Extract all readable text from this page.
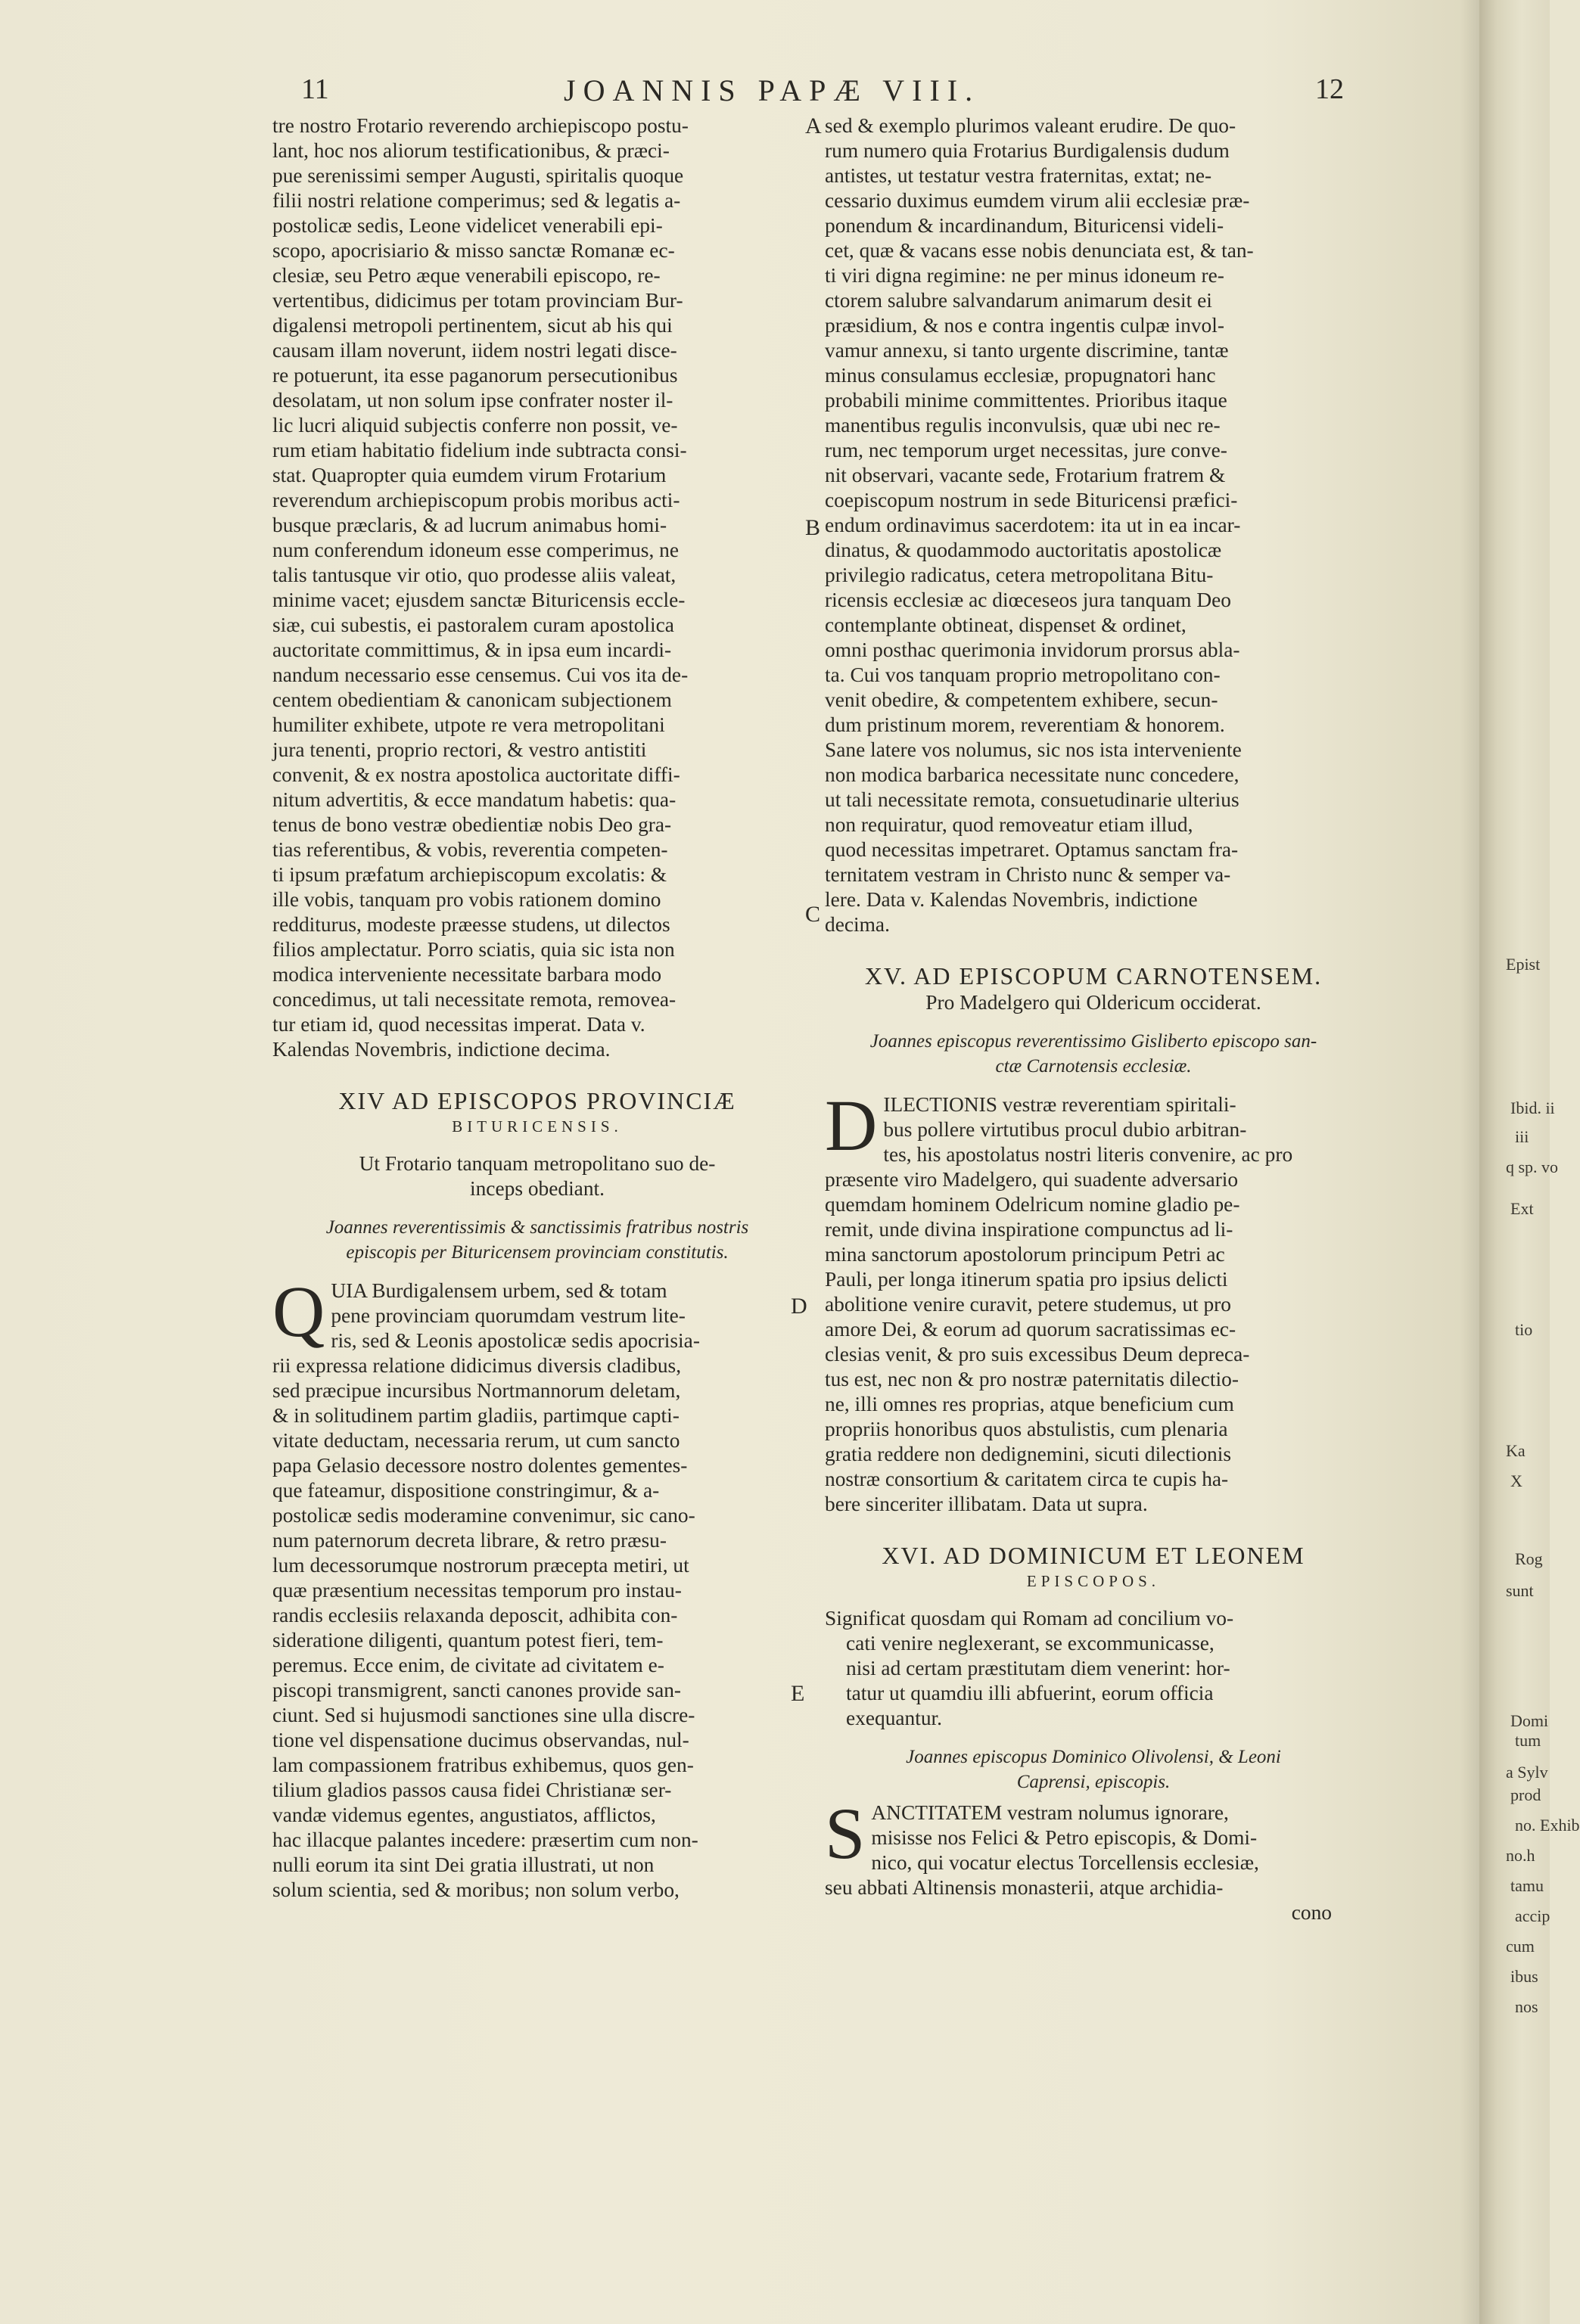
11	JOANNIS PAPÆ VIII.	12
A
B
C
D
E
tre nostro Frotario reverendo archiepiscopo postu-
lant, hoc nos aliorum testificationibus, & præci-
pue serenissimi semper Augusti, spiritalis quoque
filii nostri relatione comperimus; sed & legatis a-
postolicæ sedis, Leone videlicet venerabili epi-
scopo, apocrisiario & misso sanctæ Romanæ ec-
clesiæ, seu Petro æque venerabili episcopo, re-
vertentibus, didicimus per totam provinciam Bur-
digalensi metropoli pertinentem, sicut ab his qui
causam illam noverunt, iidem nostri legati disce-
re potuerunt, ita esse paganorum persecutionibus
desolatam, ut non solum ipse confrater noster il-
lic lucri aliquid subjectis conferre non possit, ve-
rum etiam habitatio fidelium inde subtracta consi-
stat. Quapropter quia eumdem virum Frotarium
reverendum archiepiscopum probis moribus acti-
busque præclaris, & ad lucrum animabus homi-
num conferendum idoneum esse comperimus, ne
talis tantusque vir otio, quo prodesse aliis valeat,
minime vacet; ejusdem sanctæ Bituricensis eccle-
siæ, cui subestis, ei pastoralem curam apostolica
auctoritate committimus, & in ipsa eum incardi-
nandum necessario esse censemus. Cui vos ita de-
centem obedientiam & canonicam subjectionem
humiliter exhibete, utpote re vera metropolitani
jura tenenti, proprio rectori, & vestro antistiti
convenit, & ex nostra apostolica auctoritate diffi-
nitum advertitis, & ecce mandatum habetis: qua-
tenus de bono vestræ obedientiæ nobis Deo gra-
tias referentibus, & vobis, reverentia competen-
ti ipsum præfatum archiepiscopum excolatis: &
ille vobis, tanquam pro vobis rationem domino
redditurus, modeste præesse studens, ut dilectos
filios amplectatur. Porro sciatis, quia sic ista non
modica interveniente necessitate barbara modo
concedimus, ut tali necessitate remota, removea-
tur etiam id, quod necessitas imperat. Data v.
Kalendas Novembris, indictione decima.
XIV AD EPISCOPOS PROVINCIÆ
BITURICENSIS.
Ut Frotario tanquam metropolitano suo de-
inceps obediant.
Joannes reverentissimis & sanctissimis fratribus nostris
episcopis per Bituricensem provinciam constitutis.
Q UIA Burdigalensem urbem, sed & totam
pene provinciam quorumdam vestrum lite-
ris, sed & Leonis apostolicæ sedis apocrisia-
rii expressa relatione didicimus diversis cladibus,
sed præcipue incursibus Nortmannorum deletam,
& in solitudinem partim gladiis, partimque capti-
vitate deductam, necessaria rerum, ut cum sancto
papa Gelasio decessore nostro dolentes gementes-
que fateamur, dispositione constringimur, & a-
postolicæ sedis moderamine convenimur, sic cano-
num paternorum decreta librare, & retro præsu-
lum decessorumque nostrorum præcepta metiri, ut
quæ præsentium necessitas temporum pro instau-
randis ecclesiis relaxanda deposcit, adhibita con-
sideratione diligenti, quantum potest fieri, tem-
peremus. Ecce enim, de civitate ad civitatem e-
piscopi transmigrent, sancti canones provide san-
ciunt. Sed si hujusmodi sanctiones sine ulla discre-
tione vel dispensatione ducimus observandas, nul-
lam compassionem fratribus exhibemus, quos gen-
tilium gladios passos causa fidei Christianæ ser-
vandæ videmus egentes, angustiatos, afflictos,
hac illacque palantes incedere: præsertim cum non-
nulli eorum ita sint Dei gratia illustrati, ut non
solum scientia, sed & moribus; non solum verbo,
sed & exemplo plurimos valeant erudire. De quo-
rum numero quia Frotarius Burdigalensis dudum
antistes, ut testatur vestra fraternitas, extat; ne-
cessario duximus eumdem virum alii ecclesiæ præ-
ponendum & incardinandum, Bituricensi videli-
cet, quæ & vacans esse nobis denunciata est, & tan-
ti viri digna regimine: ne per minus idoneum re-
ctorem salubre salvandarum animarum desit ei
præsidium, & nos e contra ingentis culpæ invol-
vamur annexu, si tanto urgente discrimine, tantæ
minus consulamus ecclesiæ, propugnatori hanc
probabili minime committentes. Prioribus itaque
manentibus regulis inconvulsis, quæ ubi nec re-
rum, nec temporum urget necessitas, jure conve-
nit observari, vacante sede, Frotarium fratrem &
coepiscopum nostrum in sede Bituricensi præfici-
endum ordinavimus sacerdotem: ita ut in ea incar-
dinatus, & quodammodo auctoritatis apostolicæ
privilegio radicatus, cetera metropolitana Bitu-
ricensis ecclesiæ ac diœceseos jura tanquam Deo
contemplante obtineat, dispenset & ordinet,
omni posthac querimonia invidorum prorsus abla-
ta. Cui vos tanquam proprio metropolitano con-
venit obedire, & competentem exhibere, secun-
dum pristinum morem, reverentiam & honorem.
Sane latere vos nolumus, sic nos ista interveniente
non modica barbarica necessitate nunc concedere,
ut tali necessitate remota, consuetudinarie ulterius
non requiratur, quod removeatur etiam illud,
quod necessitas impetraret. Optamus sanctam fra-
ternitatem vestram in Christo nunc & semper va-
lere. Data v. Kalendas Novembris, indictione
decima.
XV. AD EPISCOPUM CARNOTENSEM.
Pro Madelgero qui Oldericum occiderat.
Joannes episcopus reverentissimo Gisliberto episcopo san-
ctæ Carnotensis ecclesiæ.
D ILECTIONIS vestræ reverentiam spiritali-
bus pollere virtutibus procul dubio arbitran-
tes, his apostolatus nostri literis convenire, ac pro
præsente viro Madelgero, qui suadente adversario
quemdam hominem Odelricum nomine gladio pe-
remit, unde divina inspiratione compunctus ad li-
mina sanctorum apostolorum principum Petri ac
Pauli, per longa itinerum spatia pro ipsius delicti
abolitione venire curavit, petere studemus, ut pro
amore Dei, & eorum ad quorum sacratissimas ec-
clesias venit, & pro suis excessibus Deum depreca-
tus est, nec non & pro nostræ paternitatis dilectio-
ne, illi omnes res proprias, atque beneficium cum
propriis honoribus quos abstulistis, cum plenaria
gratia reddere non dedignemini, sicuti dilectionis
nostræ consortium & caritatem circa te cupis ha-
bere sinceriter illibatam. Data ut supra.
XVI. AD DOMINICUM ET LEONEM
EPISCOPOS.
Significat quosdam qui Romam ad concilium vo-
cati venire neglexerant, se excommunicasse,
nisi ad certam præstitutam diem venerint: hor-
tatur ut quamdiu illi abfuerint, eorum officia
exequantur.
Joannes episcopus Dominico Olivolensi, & Leoni
Caprensi, episcopis.
S ANCTITATEM vestram nolumus ignorare,
misisse nos Felici & Petro episcopis, & Domi-
nico, qui vocatur electus Torcellensis ecclesiæ,
seu abbati Altinensis monasterii, atque archidia-
cono
Epist
Ibid. ii
iii
q sp. vo
Ext
tio
Ka
X
Rog
sunt
Domi
tum
a Sylv
prod
no. Exhib
no.h
tamu
accip
cum
ibus
nos
